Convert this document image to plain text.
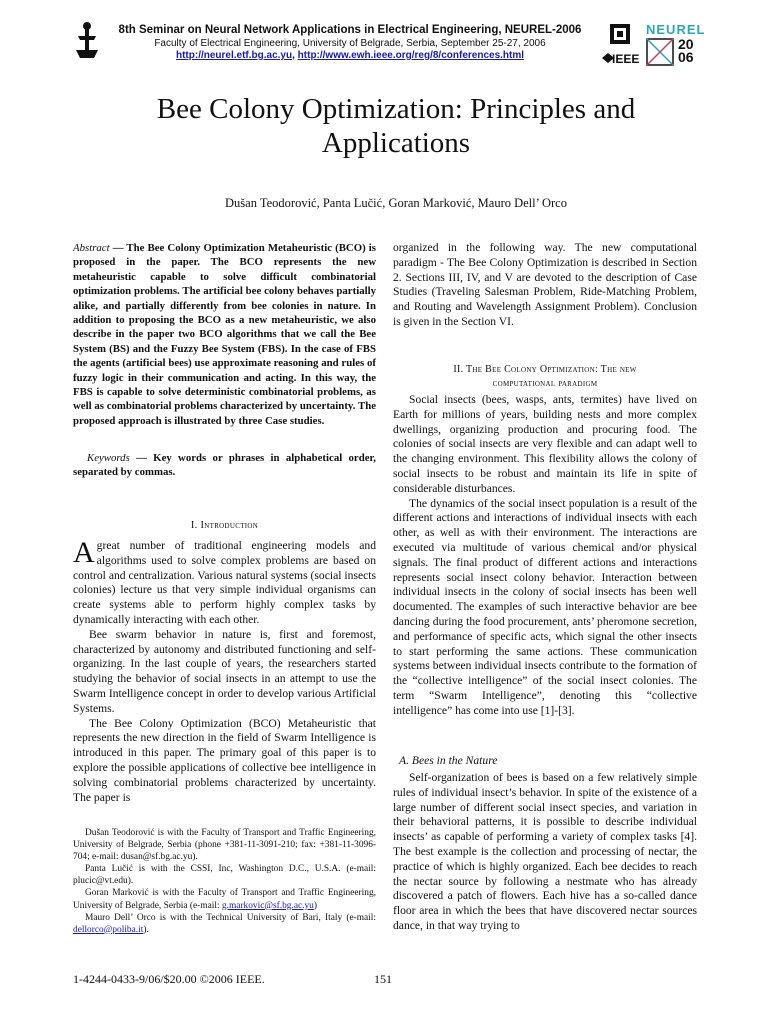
8th Seminar on Neural Network Applications in Electrical Engineering, NEUREL-2006
Faculty of Electrical Engineering, University of Belgrade, Serbia, September 25-27, 2006
http://neurel.etf.bg.ac.yu, http://www.ewh.ieee.org/reg/8/conferences.html	IEEE
NEUREL
20
06
Bee Colony Optimization: Principles and
Applications
Dušan Teodorović, Panta Lučić, Goran Marković, Mauro Dell’ Orco
Abstract — The Bee Colony Optimization Metaheuristic (BCO) is proposed in the paper. The BCO represents the new metaheuristic capable to solve difficult combinatorial optimization problems. The artificial bee colony behaves partially alike, and partially differently from bee colonies in nature. In addition to proposing the BCO as a new metaheuristic, we also describe in the paper two BCO algorithms that we call the Bee System (BS) and the Fuzzy Bee System (FBS). In the case of FBS the agents (artificial bees) use approximate reasoning and rules of fuzzy logic in their communication and acting. In this way, the FBS is capable to solve deterministic combinatorial problems, as well as combinatorial problems characterized by uncertainty. The proposed approach is illustrated by three Case studies.
Keywords — Key words or phrases in alphabetical order, separated by commas.
I. Introduction

Agreat number of traditional engineering models and algorithms used to solve complex problems are based on control and centralization. Various natural systems (social insects colonies) lecture us that very simple individual organisms can create systems able to perform highly complex tasks by dynamically interacting with each other.

Bee swarm behavior in nature is, first and foremost, characterized by autonomy and distributed functioning and self-organizing. In the last couple of years, the researchers started studying the behavior of social insects in an attempt to use the Swarm Intelligence concept in order to develop various Artificial Systems.

The Bee Colony Optimization (BCO) Metaheuristic that represents the new direction in the field of Swarm Intelligence is introduced in this paper. The primary goal of this paper is to explore the possible applications of collective bee intelligence in solving combinatorial problems characterized by uncertainty. The paper is

Dušan Teodorović is with the Faculty of Transport and Traffic Engineering, University of Belgrade, Serbia (phone +381-11-3091-210; fax: +381-11-3096-704; e-mail: dusan@sf.bg.ac.yu).

Panta Lučić is with the CSSI, Inc, Washington D.C., U.S.A. (e-mail: plucic@vt.edu).

Goran Marković is with the Faculty of Transport and Traffic Engineering, University of Belgrade, Serbia (e-mail: g.markovic@sf.bg.ac.yu)

Mauro Dell’ Orco is with the Technical University of Bari, Italy (e-mail: dellorco@poliba.it).

organized in the following way. The new computational paradigm - The Bee Colony Optimization is described in Section 2. Sections III, IV, and V are devoted to the description of Case Studies (Traveling Salesman Problem, Ride-Matching Problem, and Routing and Wavelength Assignment Problem). Conclusion is given in the Section VI.
II. The Bee Colony Optimization: The new
computational paradigm

Social insects (bees, wasps, ants, termites) have lived on Earth for millions of years, building nests and more complex dwellings, organizing production and procuring food. The colonies of social insects are very flexible and can adapt well to the changing environment. This flexibility allows the colony of social insects to be robust and maintain its life in spite of considerable disturbances.

The dynamics of the social insect population is a result of the different actions and interactions of individual insects with each other, as well as with their environment. The interactions are executed via multitude of various chemical and/or physical signals. The final product of different actions and interactions represents social insect colony behavior. Interaction between individual insects in the colony of social insects has been well documented. The examples of such interactive behavior are bee dancing during the food procurement, ants’ pheromone secretion, and performance of specific acts, which signal the other insects to start performing the same actions. These communication systems between individual insects contribute to the formation of the “collective intelligence” of the social insect colonies. The term “Swarm Intelligence”, denoting this “collective intelligence” has come into use [1]-[3].

A. Bees in the Nature

Self-organization of bees is based on a few relatively simple rules of individual insect’s behavior. In spite of the existence of a large number of different social insect species, and variation in their behavioral patterns, it is possible to describe individual insects’ as capable of performing a variety of complex tasks [4]. The best example is the collection and processing of nectar, the practice of which is highly organized. Each bee decides to reach the nectar source by following a nestmate who has already discovered a patch of flowers. Each hive has a so-called dance floor area in which the bees that have discovered nectar sources dance, in that way trying to

1-4244-0433-9/06/$20.00 ©2006 IEEE.	151
